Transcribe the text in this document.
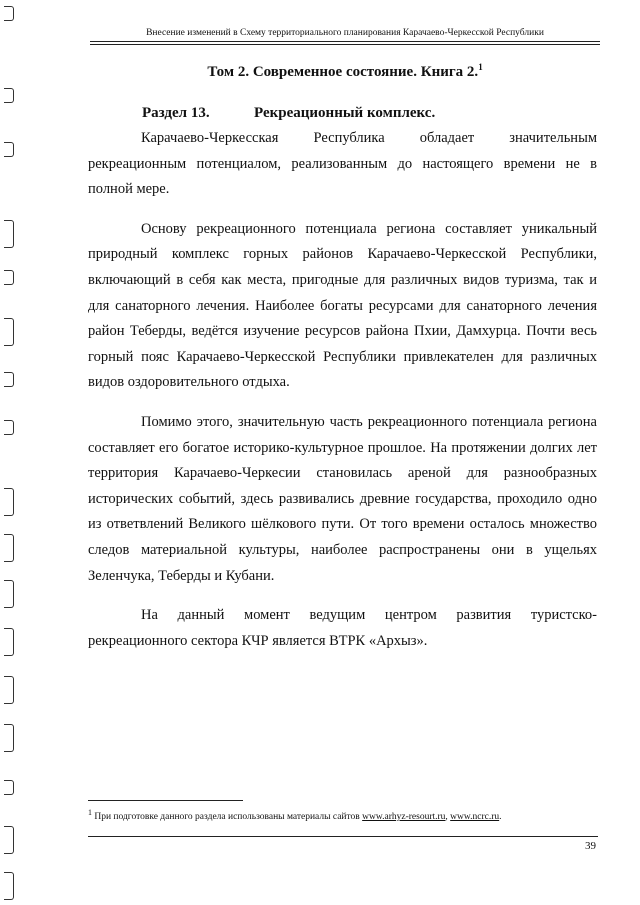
Внесение изменений в Схему территориального планирования Карачаево-Черкесской Республики
Том 2. Современное состояние. Книга 2.$^1$
Раздел 13.	Рекреационный комплекс.

Карачаево-Черкесская Республика обладает значительным рекреационным потенциалом, реализованным до настоящего времени не в полной мере.

Основу рекреационного потенциала региона составляет уникальный природный комплекс горных районов Карачаево-Черкесской Республики, включающий в себя как места, пригодные для различных видов туризма, так и для санаторного лечения. Наиболее богаты ресурсами для санаторного лечения район Теберды, ведётся изучение ресурсов района Пхии, Дамхурца. Почти весь горный пояс Карачаево-Черкесской Республики привлекателен для различных видов оздоровительного отдыха.

Помимо этого, значительную часть рекреационного потенциала региона составляет его богатое историко-культурное прошлое. На протяжении долгих лет территория Карачаево-Черкесии становилась ареной для разнообразных исторических событий, здесь развивались древние государства, проходило одно из ответвлений Великого шёлкового пути. От того времени осталось множество следов материальной культуры, наиболее распространены они в ущельях Зеленчука, Теберды и Кубани.

На данный момент ведущим центром развития туристско-рекреационного сектора КЧР является ВТРК «Архыз».

$^1$ При подготовке данного раздела использованы материалы сайтов www.arhyz-resourt.ru, www.ncrc.ru.
39
